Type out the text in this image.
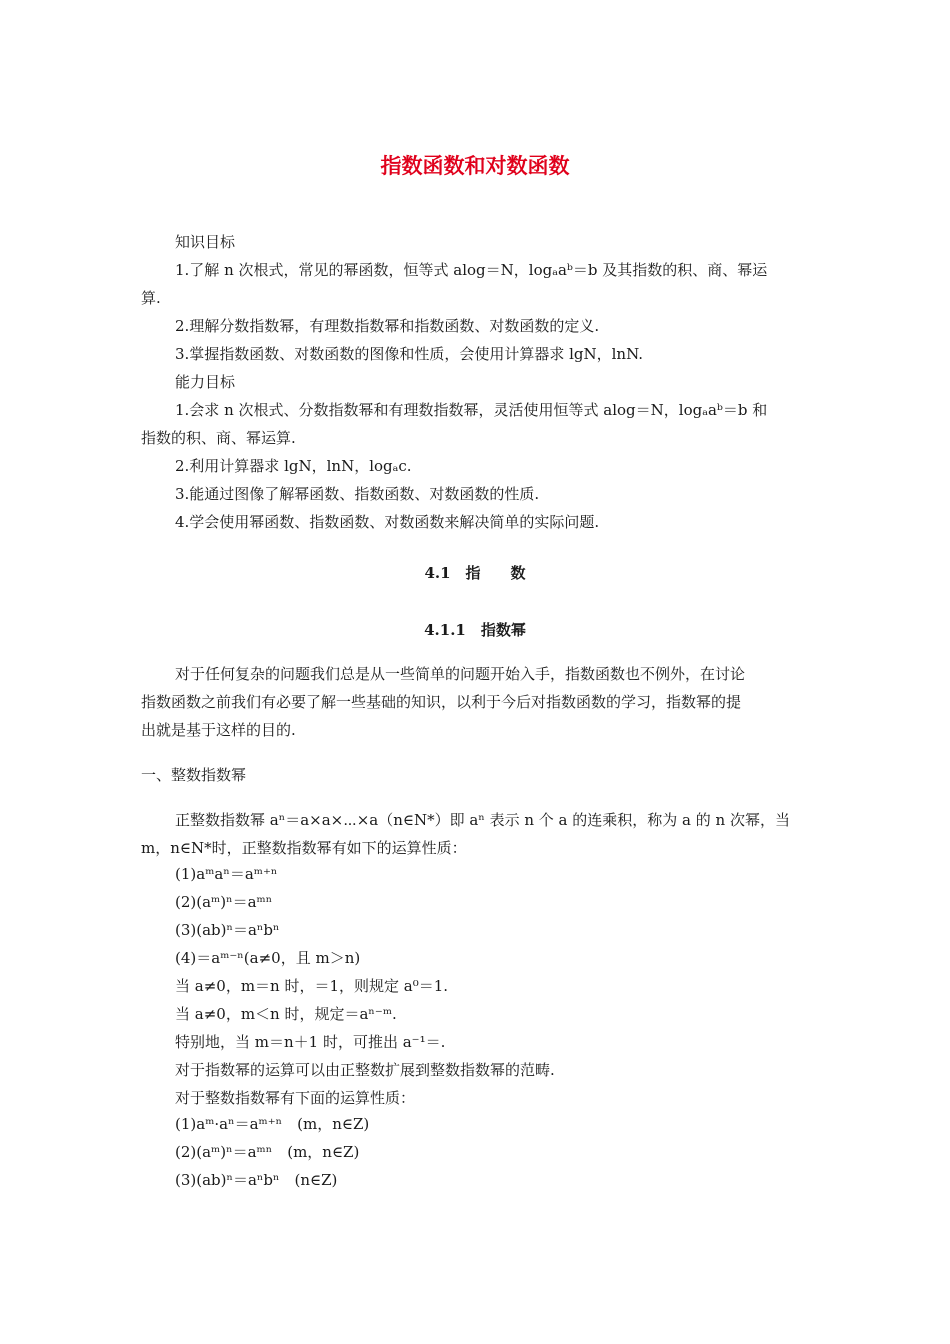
指数函数和对数函数
知识目标
1.了解 n 次根式，常见的幂函数，恒等式 alog＝N，logₐaᵇ＝b 及其指数的积、商、幂运
算.
2.理解分数指数幂，有理数指数幂和指数函数、对数函数的定义.
3.掌握指数函数、对数函数的图像和性质，会使用计算器求 lgN，lnN.
能力目标
1.会求 n 次根式、分数指数幂和有理数指数幂，灵活使用恒等式 alog＝N，logₐaᵇ＝b 和
指数的积、商、幂运算.
2.利用计算器求 lgN，lnN，logₐc.
3.能通过图像了解幂函数、指数函数、对数函数的性质.
4.学会使用幂函数、指数函数、对数函数来解决简单的实际问题.
4.1　指　　数
4.1.1　指数幂
对于任何复杂的问题我们总是从一些简单的问题开始入手，指数函数也不例外，在讨论
指数函数之前我们有必要了解一些基础的知识，以利于今后对指数函数的学习，指数幂的提
出就是基于这样的目的.
一、整数指数幂
正整数指数幂 aⁿ＝a×a×⋯×a（n∈N*）即 aⁿ 表示 n 个 a 的连乘积，称为 a 的 n 次幂，当
m，n∈N*时，正整数指数幂有如下的运算性质：
(1)aᵐaⁿ＝aᵐ⁺ⁿ
(2)(aᵐ)ⁿ＝aᵐⁿ
(3)(ab)ⁿ＝aⁿbⁿ
(4)＝aᵐ⁻ⁿ(a≠0，且 m＞n)
当 a≠0，m＝n 时，＝1，则规定 a⁰＝1.
当 a≠0，m＜n 时，规定＝aⁿ⁻ᵐ.
特别地，当 m＝n＋1 时，可推出 a⁻¹＝.
对于指数幂的运算可以由正整数扩展到整数指数幂的范畴.
对于整数指数幂有下面的运算性质：
(1)aᵐ·aⁿ＝aᵐ⁺ⁿ　(m，n∈Z)
(2)(aᵐ)ⁿ＝aᵐⁿ　(m，n∈Z)
(3)(ab)ⁿ＝aⁿbⁿ　(n∈Z)
